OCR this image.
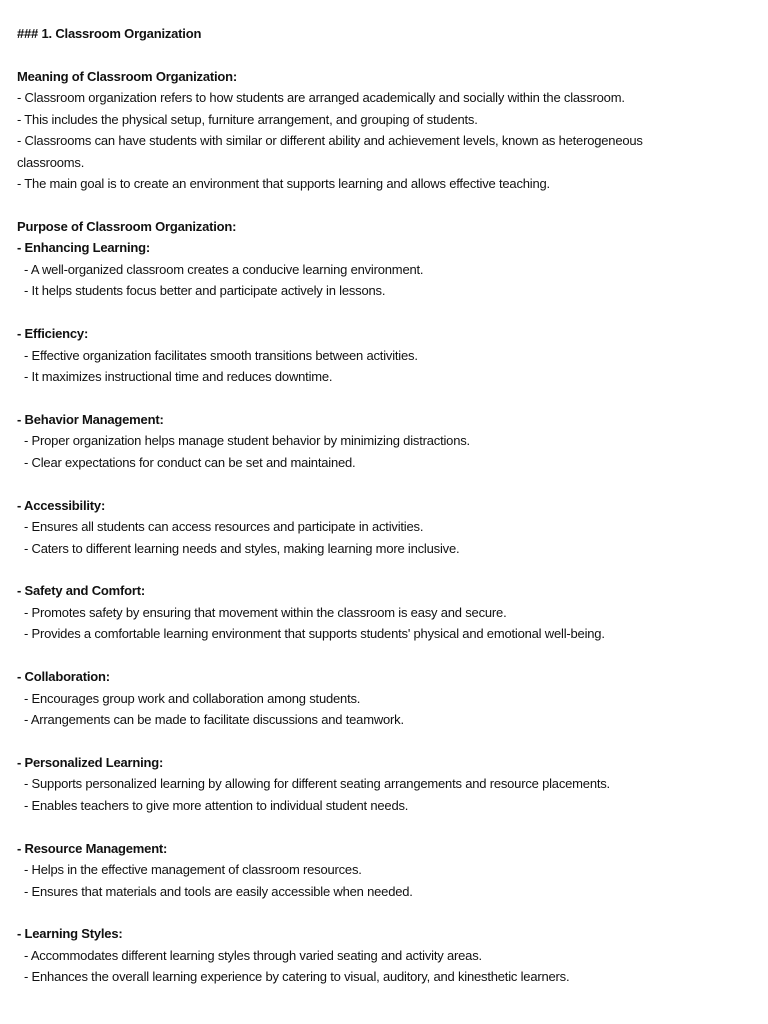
### 1. Classroom Organization
Meaning of Classroom Organization:
- Classroom organization refers to how students are arranged academically and socially within the classroom.
- This includes the physical setup, furniture arrangement, and grouping of students.
- Classrooms can have students with similar or different ability and achievement levels, known as heterogeneous
classrooms.
- The main goal is to create an environment that supports learning and allows effective teaching.
Purpose of Classroom Organization:
- Enhancing Learning:
- A well-organized classroom creates a conducive learning environment.
- It helps students focus better and participate actively in lessons.
- Efficiency:
- Effective organization facilitates smooth transitions between activities.
- It maximizes instructional time and reduces downtime.
- Behavior Management:
- Proper organization helps manage student behavior by minimizing distractions.
- Clear expectations for conduct can be set and maintained.
- Accessibility:
- Ensures all students can access resources and participate in activities.
- Caters to different learning needs and styles, making learning more inclusive.
- Safety and Comfort:
- Promotes safety by ensuring that movement within the classroom is easy and secure.
- Provides a comfortable learning environment that supports students' physical and emotional well-being.
- Collaboration:
- Encourages group work and collaboration among students.
- Arrangements can be made to facilitate discussions and teamwork.
- Personalized Learning:
- Supports personalized learning by allowing for different seating arrangements and resource placements.
- Enables teachers to give more attention to individual student needs.
- Resource Management:
- Helps in the effective management of classroom resources.
- Ensures that materials and tools are easily accessible when needed.
- Learning Styles:
- Accommodates different learning styles through varied seating and activity areas.
- Enhances the overall learning experience by catering to visual, auditory, and kinesthetic learners.
